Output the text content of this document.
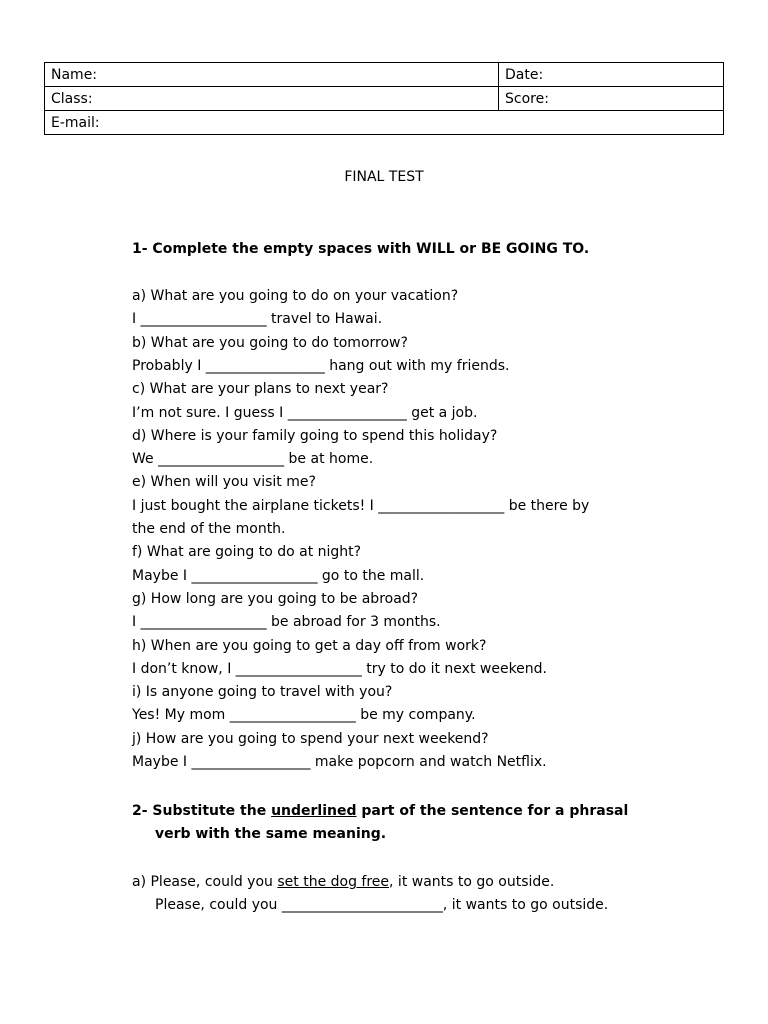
Name:	Date:
Class:	Score:
E-mail:	
FINAL TEST
1- Complete the empty spaces with WILL or BE GOING TO.
a) What are you going to do on your vacation?
I __________________ travel to Hawai.
b) What are you going to do tomorrow?
Probably I _________________ hang out with my friends.
c) What are your plans to next year?
I’m not sure. I guess I _________________ get a job.
d) Where is your family going to spend this holiday?
We __________________ be at home.
e) When will you visit me?
I just bought the airplane tickets! I __________________ be there by
the end of the month.
f) What are going to do at night?
Maybe I __________________ go to the mall.
g) How long are you going to be abroad?
I __________________ be abroad for 3 months.
h) When are you going to get a day off from work?
I don’t know, I __________________ try to do it next weekend.
i) Is anyone going to travel with you?
Yes! My mom __________________ be my company.
j) How are you going to spend your next weekend?
Maybe I _________________ make popcorn and watch Netflix.
2- Substitute the underlined part of the sentence for a phrasal
verb with the same meaning.
a) Please, could you set the dog free, it wants to go outside.
Please, could you _______________________, it wants to go outside.
